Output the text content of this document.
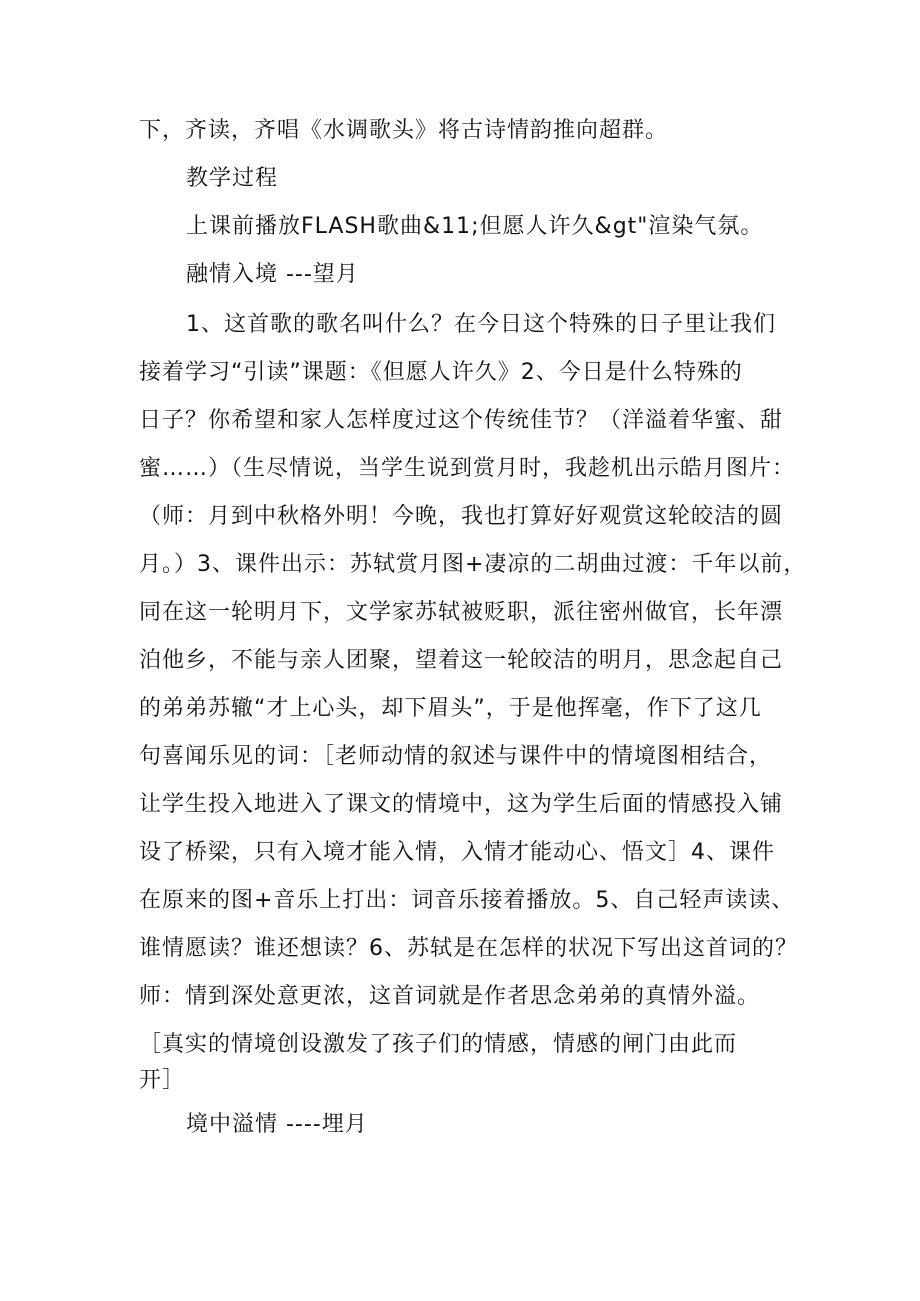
下，齐读，齐唱《水调歌头》将古诗情韵推向超群。
教学过程
上课前播放FLASH歌曲&11;但愿人许久&gt"渲染气氛。
融情入境 ---望月
1、这首歌的歌名叫什么？在今日这个特殊的日子里让我们
接着学习“引读”课题：《但愿人许久》2、今日是什么特殊的
日子？你希望和家人怎样度过这个传统佳节？（洋溢着华蜜、甜
蜜……）（生尽情说，当学生说到赏月时，我趁机出示皓月图片：
（师：月到中秋格外明！今晚，我也打算好好观赏这轮皎洁的圆
月。）3、课件出示：苏轼赏月图+凄凉的二胡曲过渡：千年以前，
同在这一轮明月下，文学家苏轼被贬职，派往密州做官，长年漂
泊他乡，不能与亲人团聚，望着这一轮皎洁的明月，思念起自己
的弟弟苏辙“才上心头，却下眉头”，于是他挥毫，作下了这几
句喜闻乐见的词：［老师动情的叙述与课件中的情境图相结合，
让学生投入地进入了课文的情境中，这为学生后面的情感投入铺
设了桥梁，只有入境才能入情，入情才能动心、悟文］4、课件
在原来的图+音乐上打出：词音乐接着播放。5、自己轻声读读、
谁情愿读？谁还想读？6、苏轼是在怎样的状况下写出这首词的？
师：情到深处意更浓，这首词就是作者思念弟弟的真情外溢。
［真实的情境创设激发了孩子们的情感，情感的闸门由此而
开］
境中溢情 ----埋月
